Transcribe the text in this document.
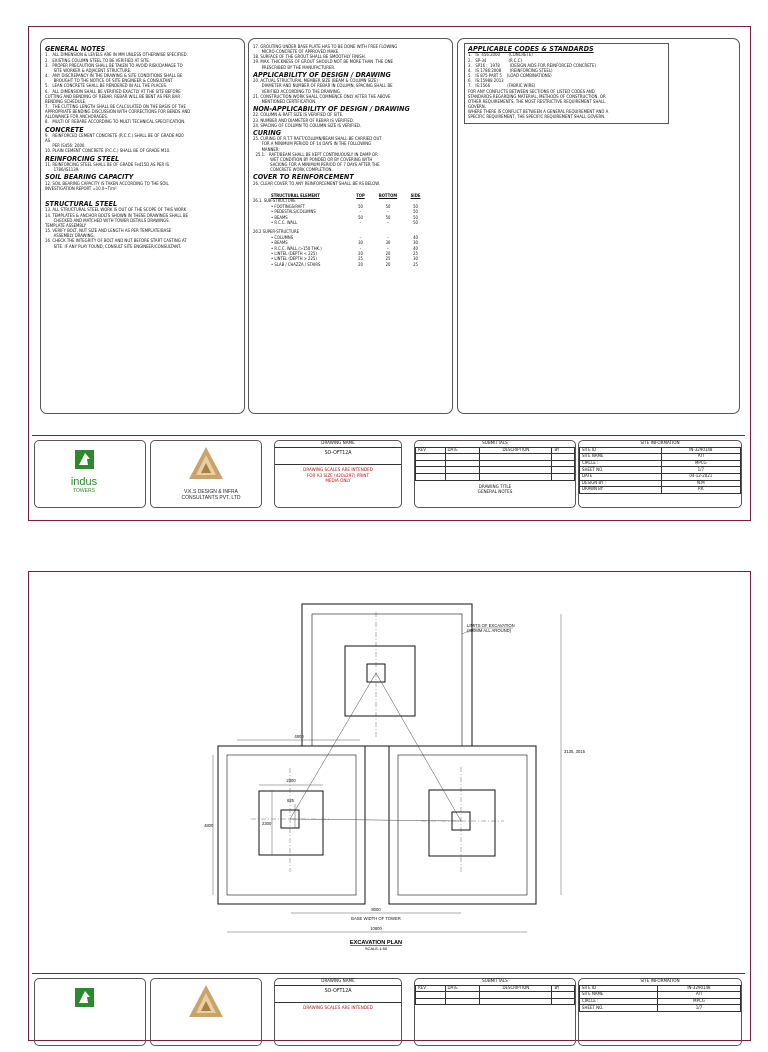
GENERAL NOTES
1.   ALL DIMENSION & LEVELS ARE IN MM UNLESS OTHERWISE SPECIFIED.
2.   EXISTING COLUMN STEEL TO BE VERIFIED AT SITE.
3.   PROPER PRECAUTION SHALL BE TAKEN TO AVOID RISK/DAMAGE TO
SITE WORKER & ADJACENT STRUCTURE.
4.   ANY DISCREPANCY IN THE DRAWING & SITE CONDITIONS SHALL BE
BROUGHT TO THE NOTICE OF SITE ENGINEER & CONSULTANT
5.   LEAN CONCRETE SHALL BE RENDERED IN ALL THE PLACES.
6.   ALL DIMENSION SHALL BE VERIFIED EXACTLY AT THE SITE BEFORE
CUTTING AND BENDING OF REBAR. REBAR WILL BE BENT AS PER BAR
BENDING SCHEDULE.
7.   THE CUTTING LENGTH SHALL BE CALCULATED ON THE BASIS OF THE
APPROPRIATE BENDING DISCUSSION WITH CORRECTIONS FOR BENDS AND
ALLOWANCE FOR ANCHORAGES.
8.   MULTI OF REBARE ACCORDING TO MULTI TECHNICAL SPECIFICATION.
CONCRETE
9.   REINFORCED CEMENT CONCRETE (R.C.C.) SHALL BE OF GRADE M20
AS
PER IS456: 2000.
10. PLAIN CEMENT CONCRETE (P.C.C.) SHALL BE OF GRADE M10.
REINFORCING STEEL
11. REINFORCING STEEL SHALL BE OF GRADE Fe415D AS PER IS
1786/IS1139.
SOIL BEARING CAPACITY
12. SOIL BEARING CAPACITY IS TAKEN ACCORDING TO THE SOIL
INVESTIGATION REPORT =10.0~T/m²
STRUCTURAL STEEL
13. ALL STRUCTURAL STEEL WORK IS OUT OF THE SCOPE OF THIS WORK
14. TEMPLATES & ANCHOR BOLTS SHOWN IN THESE DRAWINGS SHALL BE
CHECKED AND MATCHED WITH TOWER DETAILS DRAWINGS.
TEMPLATE ASSEMBLY
15. VERIFY BOLT, NUT SIZE AND LENGTH AS PER TEMPLATE/BASE
ASSEMBLY DRAWING.
16. CHECK THE INTEGRITY OF BOLT AND NUT BEFORE START CASTING AT
SITE. IF ANY PLAY FOUND, CONSULT SITE ENGINEER/CONSULTANT.
17. GROUTING UNDER BASE PLATE HAS TO BE DONE WITH FREE FLOWING
MICRO-CONCRETE OF APPROVED MAKE.
18. SURFACE OF THE GROUT SHALL BE SMOOTHLY FINISH.
19. MAX. THICKNESS OF GROUT SHOULD NOT BE MORE THAN  THE ONE
PRESCRIBED BY THE MANUFACTURER.
APPLICABILITY OF DESIGN / DRAWING
20. ACTUAL STRUCTURAL MEMBER SIZE (BEAM & COLUMN SIZE)
DIAMETER AND NUMBER OF REBAR IN COLUMN, SPACING SHALL BE
VERIFIED ACCORDING TO THE DRAWING.
21. CONSTRUCTION WORK SHALL COMMENCE ONLY AFTER THE ABOVE
MENTIONED CERTIFICATION.
NON-APPLICABILITY OF DESIGN / DRAWING
22. COLUMN & RAFT SIZE IS VERIFIED OF SITE.
23. NUMBER AND DIAMETER OF REBAR IS VERIFIED.
24. SPACING OF COLUMN TO COLUMN SIZE IS VERIFIED.
CURING
25. CURING OF R.T.T RAFT/COLUMN/BEAM SHALL BE CARRIED OUT
FOR A MINIMUM PERIOD OF 14 DAYS IN THE FOLLOWING
MANNER:
25.1.   RAFT/BEAM SHALL BE KEPT CONTINUOUSLY IN DAMP OR
WET CONDITION BY PONDED OR BY COVERING WITH
SACKING FOR A MINIMUM PERIOD OF 7 DAYS AFTER THE
CONCRETE WORK COMPLETION.
COVER TO REINFORCEMENT
26. CLEAR COVER TO ANY REINFORCEMENT SHALL BE AS BELOW.
STRUCTURAL ELEMENT	TOP	BOTTOM	SIDE
26.1. SUB-STRUCTURE
• FOOTINGS/RAFT	50	50	50
• PEDESTALS/COLUMNS	–	–	50
• BEAMS	50	50	50
• R.C.C. WALL	–	–	50
26.2 SUPER-STRUCTURE
• COLUMNS	–	–	40
• BEAMS	30	30	30
• R.C.C. WALL (>150 THK.)	–	–	40
• LINTEL (DEPTH < 225)	20	20	25
• LINTEL (DEPTH > 225)	25	25	30
• SLAB / CHAZZA / STAIRS	20	20	25
APPLICABLE CODES & STANDARDS
1.   IS  456:2000       (CONCRETE)
2.   SP-34                  (R.C.C)
3.   SP16 :  1978        (DESIGN AIDS FOR REINFORCED CONCRETE)
4.   IS 1786:2008       (REINFORCING STEEL)
5.   IS 875 PART 5    (LOAD COMBINATIONS)
6.   IS:15988 2013
7.   IS:1566              (FABRIC WIRE)
FOR ANY CONFLICTS BETWEEN SECTIONS OF LISTED CODES AND
STANDARDS REGARDING MATERIAL, METHODS OF CONSTRUCTION, OR
OTHER REQUIREMENTS, THE MOST RESTRICTIVE REQUIREMENT SHALL
GOVERN.
WHERE THERE IS CONFLICT BETWEEN A GENERAL REQUIREMENT AND A
SPECIFIC REQUIREMENT, THE SPECIFIC REQUIREMENT SHALL GOVERN.
indus
TOWERS	V.K.S DESIGN & INFRA
CONSULTANTS PVT. LTD
DRAWING NAME
SO-OFT12A
DRAWING SCALES ARE INTENDED
FOR A3 SIZE (420x297) PRINT
MEDIA ONLY
SUBMITTALS
REV	DATE	DESCRIPTION	BY

DRAWING TITLE
GENERAL NOTES
SITE INFORMATION
SITE ID	IN-3290148
SITE NAME	ATI
CIRCLE :	MPCG
SHEET NO.	1/7
DATE	04-12-2021
DESIGN BY :	N.M
DRAWN BY	P.K
4800
4800
2300
2300
625
3135, 3015
LIMITS OF EXCAVATION
(300MM ALL AROUND)
8000
BASE WIDTH OF TOWER
10800
EXCAVATION PLAN
SCALE-1:50
DRAWING NAME
SO-OFT12A
DRAWING SCALES ARE INTENDED
SUBMITTALS
REV	DATE	DESCRIPTION	BY

SITE INFORMATION
SITE ID	IN-3290148
SITE NAME	ATI
CIRCLE :	MPCG
SHEET NO.	1/7
